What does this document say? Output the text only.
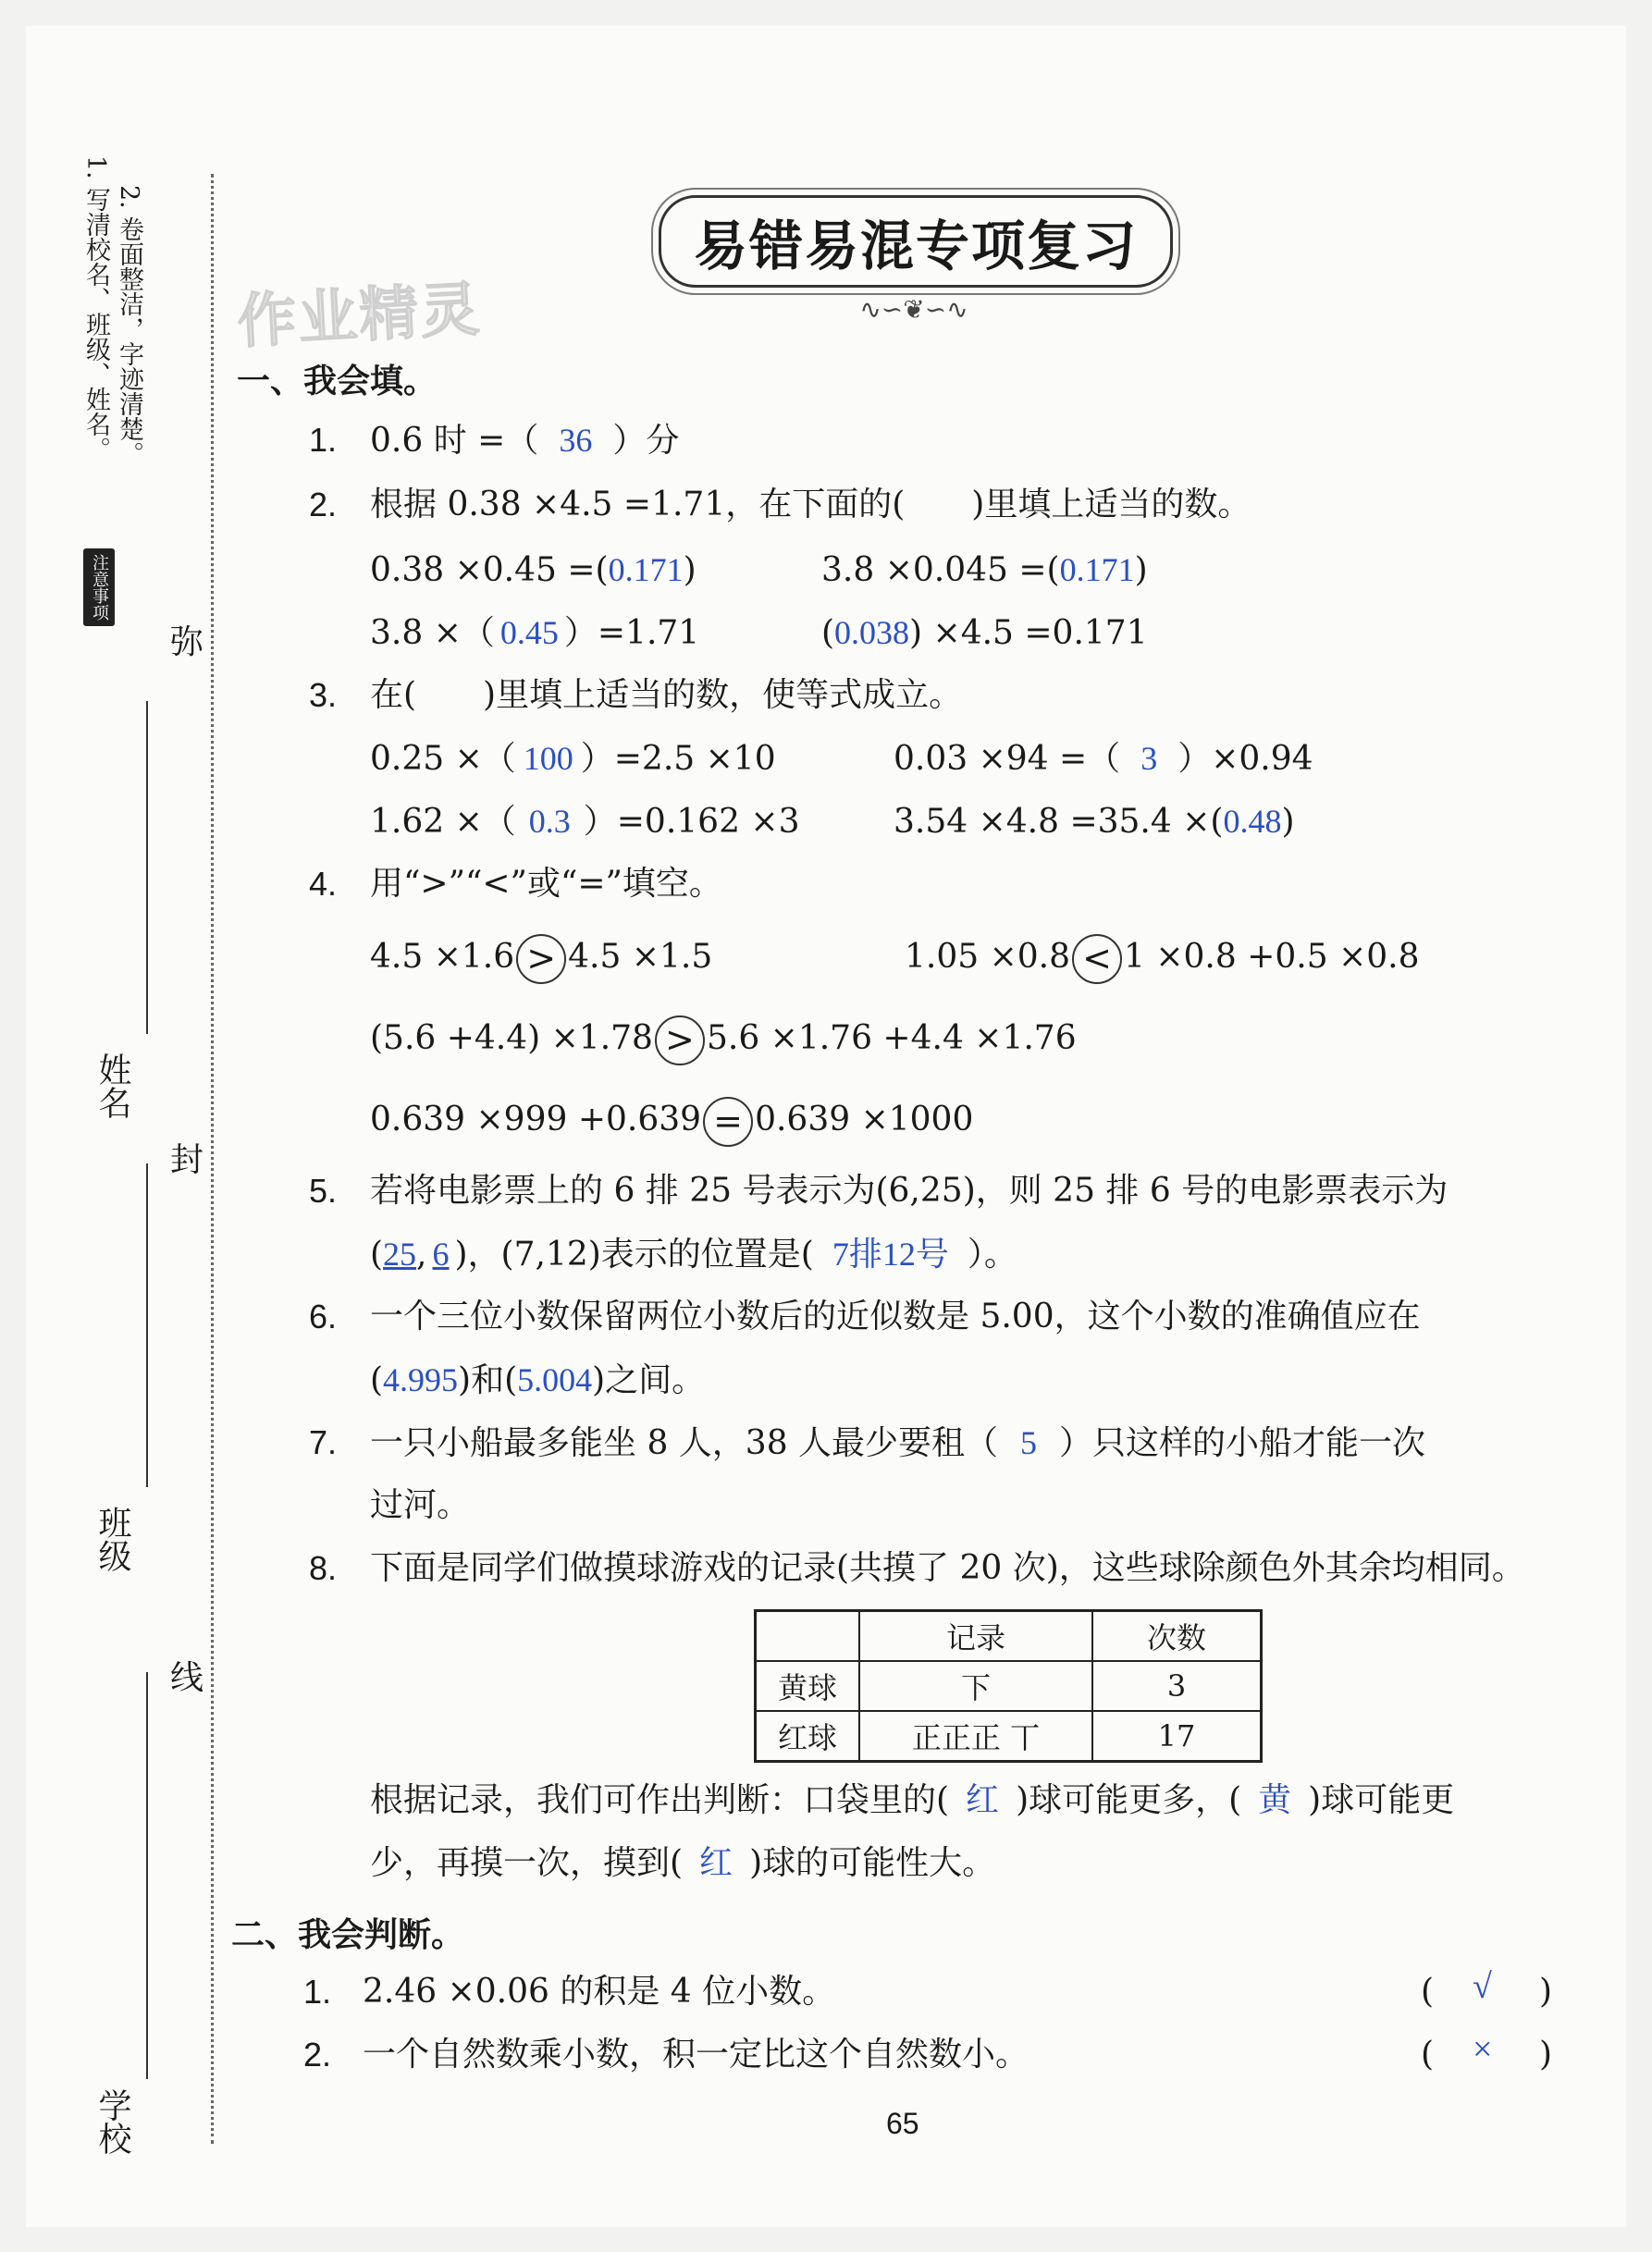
1. 写清校名、班级、姓名。 2. 卷面整洁，字迹清楚。
注意事项
弥
封
线
姓名
班级
学校
作业精灵
易错易混专项复习
∿∽❦∽∿
一、我会填。
1. 0.6 时 =（ 36 ）分
2. 根据 0.38 ×4.5 =1.71，在下面的(　　)里填上适当的数。
0.38 ×0.45 =(0.171)	3.8 ×0.045 =(0.171)
3.8 ×（ 0.45 ）=1.71	(0.038) ×4.5 =0.171
3. 在(　　)里填上适当的数，使等式成立。
0.25 ×（ 100 ）=2.5 ×10	0.03 ×94 =（ 3 ）×0.94
1.62 ×（ 0.3 ）=0.162 ×3	3.54 ×4.8 =35.4 ×(0.48)
4. 用“>”“<”或“=”填空。
4.5 ×1.6 > 4.5 ×1.5	1.05 ×0.8 < 1 ×0.8 +0.5 ×0.8
(5.6 +4.4) ×1.78 > 5.6 ×1.76 +4.4 ×1.76
0.639 ×999 +0.639 = 0.639 ×1000
5. 若将电影票上的 6 排 25 号表示为(6,25)，则 25 排 6 号的电影票表示为
(25, 6 )，(7,12)表示的位置是( 7排12号 ）。
6. 一个三位小数保留两位小数后的近似数是 5.00，这个小数的准确值应在
(4.995)和(5.004)之间。
7. 一只小船最多能坐 8 人，38 人最少要租（ 5 ）只这样的小船才能一次
过河。
8. 下面是同学们做摸球游戏的记录(共摸了 20 次)，这些球除颜色外其余均相同。
	记录	次数
黄球	下	3
红球	正正正 丅	17
根据记录，我们可作出判断：口袋里的( 红 )球可能更多，( 黄 )球可能更
少，再摸一次，摸到( 红 )球的可能性大。
二、我会判断。
1. 2.46 ×0.06 的积是 4 位小数。	( √ )
2. 一个自然数乘小数，积一定比这个自然数小。	( × )
65
